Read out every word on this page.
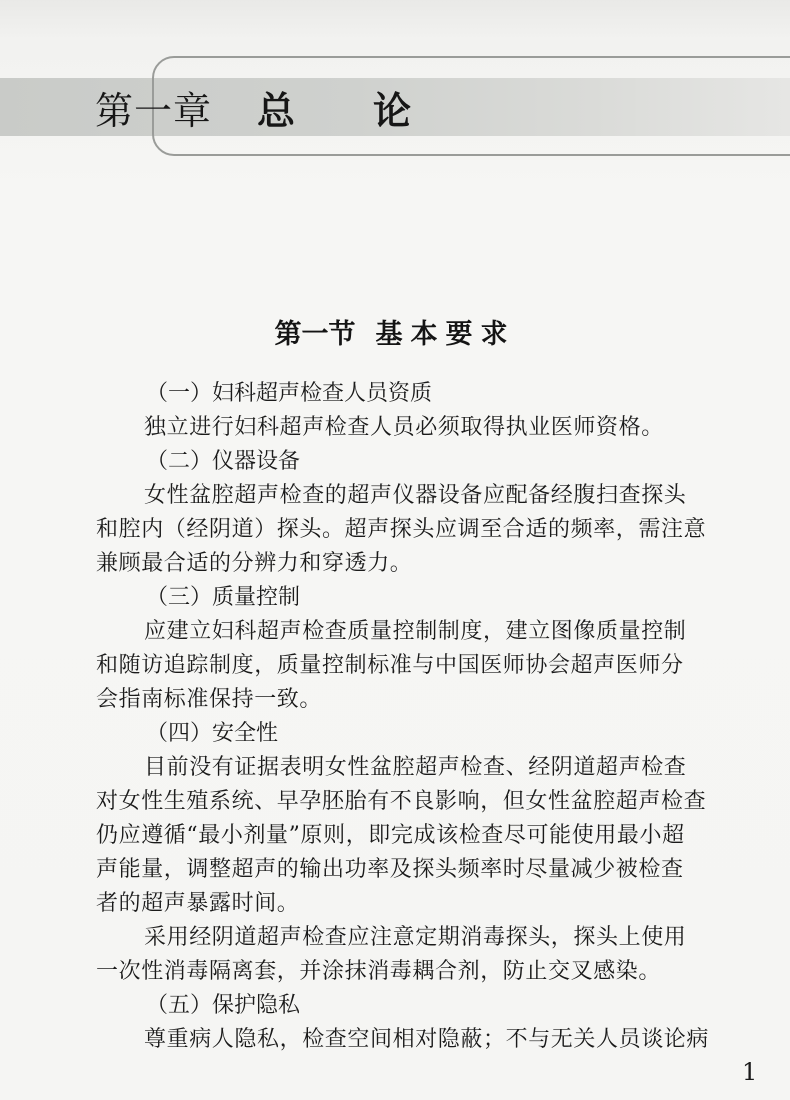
第一章 总论
第一节 基本要求
（一）妇科超声检查人员资质
独立进行妇科超声检查人员必须取得执业医师资格。
（二）仪器设备
女性盆腔超声检查的超声仪器设备应配备经腹扫查探头
和腔内（经阴道）探头。超声探头应调至合适的频率，需注意
兼顾最合适的分辨力和穿透力。
（三）质量控制
应建立妇科超声检查质量控制制度，建立图像质量控制
和随访追踪制度，质量控制标准与中国医师协会超声医师分
会指南标准保持一致。
（四）安全性
目前没有证据表明女性盆腔超声检查、经阴道超声检查
对女性生殖系统、早孕胚胎有不良影响，但女性盆腔超声检查
仍应遵循“最小剂量”原则，即完成该检查尽可能使用最小超
声能量，调整超声的输出功率及探头频率时尽量减少被检查
者的超声暴露时间。
采用经阴道超声检查应注意定期消毒探头，探头上使用
一次性消毒隔离套，并涂抹消毒耦合剂，防止交叉感染。
（五）保护隐私
尊重病人隐私，检查空间相对隐蔽；不与无关人员谈论病
1
